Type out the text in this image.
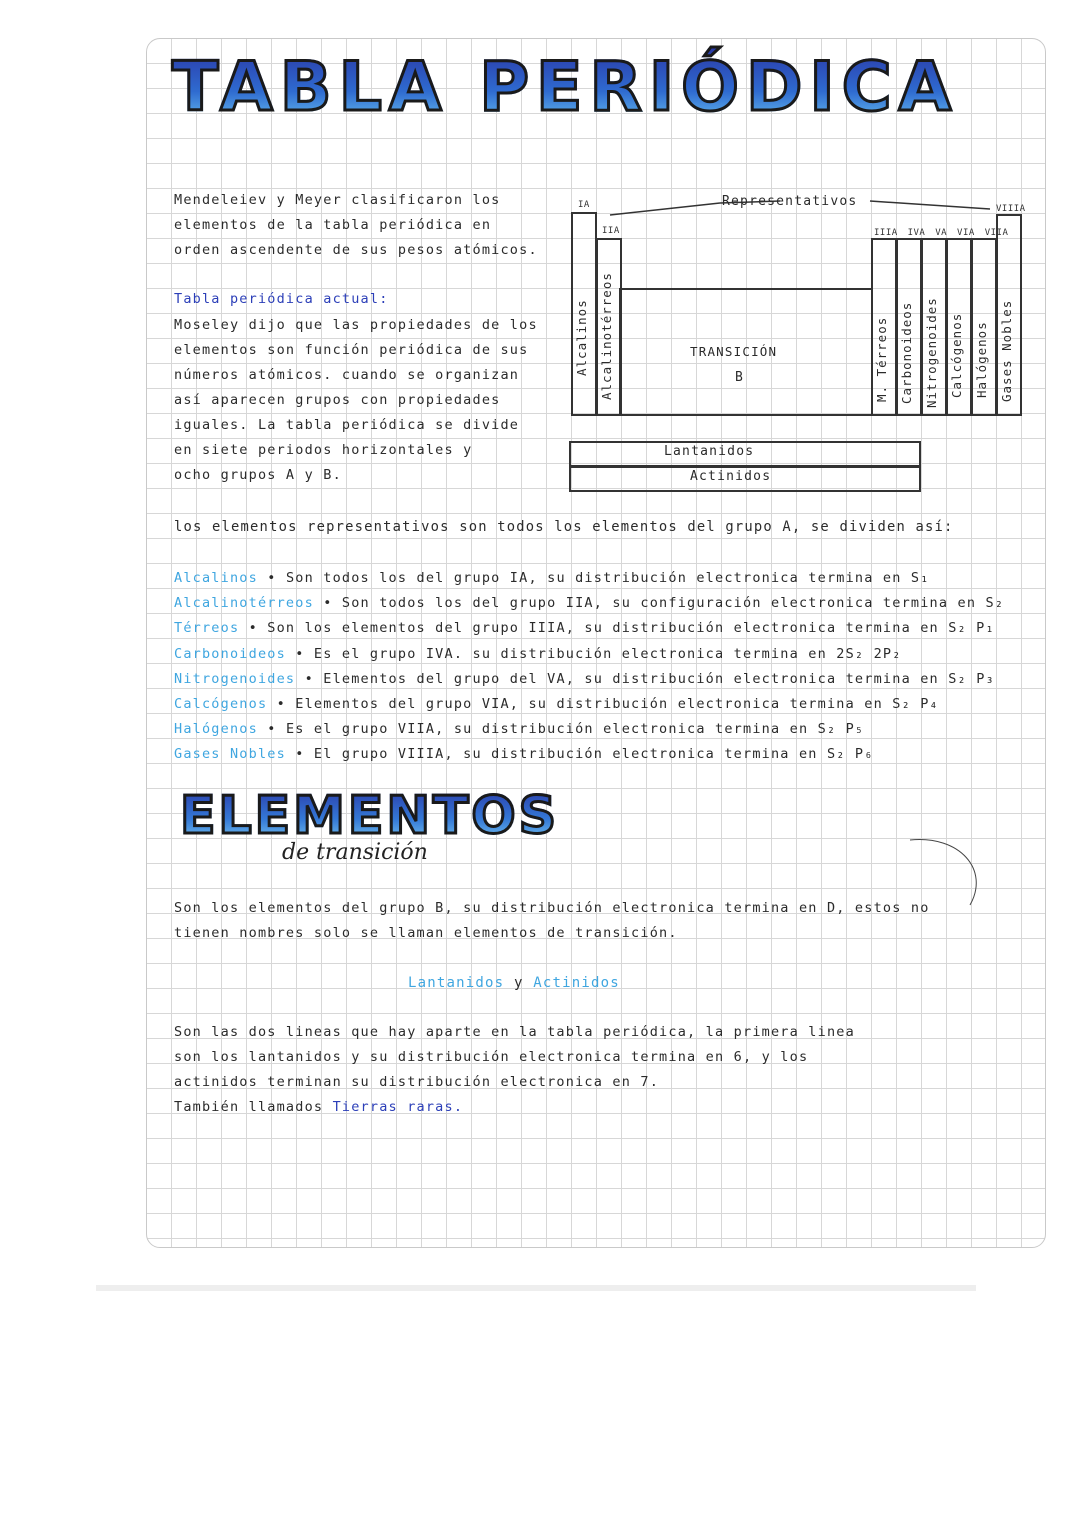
TABLA PERIÓDICA
Mendeleiev y Meyer clasificaron los
elementos de la tabla periódica en
orden ascendente de sus pesos atómicos.
Tabla periódica actual:
Moseley dijo que las propiedades de los
elementos son función periódica de sus
números atómicos. cuando se organizan
así aparecen grupos con propiedades
iguales. La tabla periódica se divide
en siete periodos horizontales y
ocho grupos A y B.
IA
IIA
Representativos
IIIA IVA VA VIA VIIA
VIIIA
Alcalinos Alcalinotérreos	TRANSICIÓN
B	M. Térreos Carbonoideos Nitrogenoides Calcógenos Halógenos Gases Nobles
Lantanidos
Actinidos
los elementos representativos son todos los elementos del grupo A, se dividen así:
Alcalinos • Son todos los del grupo IA, su distribución electronica termina en S₁
Alcalinotérreos • Son todos los del grupo IIA, su configuración electronica termina en S₂
Térreos • Son los elementos del grupo IIIA, su distribución electronica termina en S₂ P₁
Carbonoideos • Es el grupo IVA. su distribución electronica termina en 2S₂ 2P₂
Nitrogenoides • Elementos del grupo del VA, su distribución electronica termina en S₂ P₃
Calcógenos • Elementos del grupo VIA, su distribución electronica termina en S₂ P₄
Halógenos • Es el grupo VIIA, su distribución electronica termina en S₂ P₅
Gases Nobles • El grupo VIIIA, su distribución electronica termina en S₂ P₆
ELEMENTOS
de transición
Son los elementos del grupo B, su distribución electronica termina en D, estos no
tienen nombres solo se llaman elementos de transición.
Lantanidos y Actinidos
Son las dos lineas que hay aparte en la tabla periódica, la primera linea
son los lantanidos y su distribución electronica termina en 6, y los
actinidos terminan su distribución electronica en 7.
También llamados Tierras raras.
